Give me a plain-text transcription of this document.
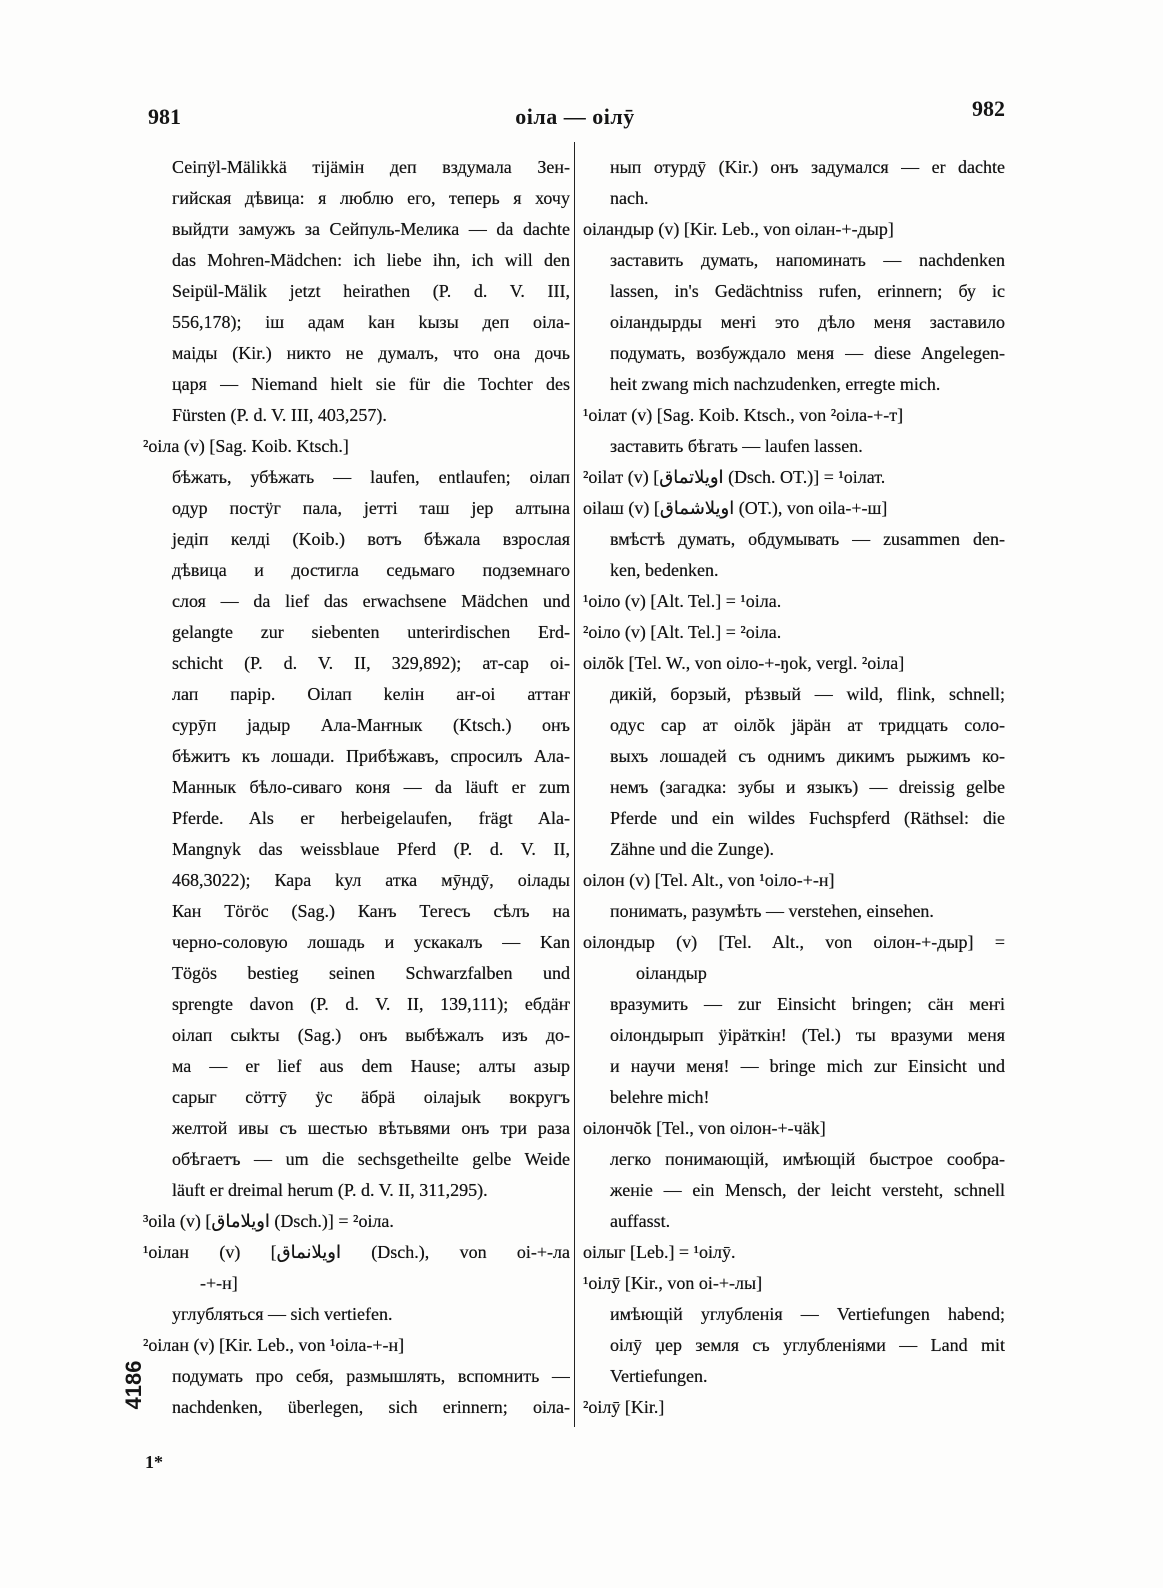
981	оiла — оiлӯ	982
Сеiпӱl-Mälikkä тiјäмiн деп вздумала Зен-
гийская дѣвица: я люблю его, теперь я хочу
выйдти замужъ за Сейпуль-Мелика — da dachte
das Mohren-Mädchen: ich liebe ihn, ich will den
Seipül-Mälik jetzt heirathen (P. d. V. III,
556,178); iш адам kан kызы деп оiла-
маiды (Kir.) никто не думалъ, что она дочь
царя — Niemand hielt sie für die Tochter des
Fürsten (P. d. V. III, 403,257).
²оiла (v) [Sag. Koib. Ktsch.]
бѣжать, убѣжать — laufen, entlaufen; оiлап
одур постӱг пала, јеттi таш јер алтына
једiп келдi (Koib.) вотъ бѣжала взрослая
дѣвица и достигла седьмаго подземнаго
слоя — da lief das erwachsene Mädchen und
gelangte zur siebenten unterirdischen Erd-
schicht (P. d. V. II, 329,892); ат-сар оi-
лап парiр. Оiлап kелiн аҥ-оi аттаҥ
сурӯп јадыр Ала-Маҥнык (Ktsch.) онъ
бѣжитъ къ лошади. Прибѣжавъ, спросилъ Ала-
Маннык бѣло-сиваго коня — da läuft er zum
Pferde. Als er herbeigelaufen, frägt Ala-
Mangnyk das weissblaue Pferd (P. d. V. II,
468,3022); Кара kул атка мӯндӯ, оiлады
Кан Тöгöс (Sag.) Канъ Тегесъ сѣлъ на
черно-соловую лошадь и ускакалъ — Kan
Tögös bestieg seinen Schwarzfalben und
sprengte davon (P. d. V. II, 139,111); ебдäҥ
оiлап сыkты (Sag.) онъ выбѣжалъ изъ до-
ма — er lief aus dem Hause; алты азыр
сарыг сӧттӯ ӱс äбрä оiлаjыk вокругъ
желтой ивы съ шестью вѣтьвями онъ три раза
обѣгаетъ — um die sechsgetheilte gelbe Weide
läuft er dreimal herum (P. d. V. II, 311,295).
³oila (v) [اویلاماق (Dsch.)] = ²оiла.
¹оiлан (v) [اویلانماق (Dsch.), von оi-+-ла
-+-н]
углубляться — sich vertiefen.
²оiлан (v) [Kir. Leb., von ¹оiла-+-н]
подумать про себя, размышлять, вспомнить —
nachdenken, überlegen, sich erinnern; оiла-
нып отурдӯ (Kir.) онъ задумался — er dachte
nach.
оiландыр (v) [Kir. Leb., von оiлан-+-дыр]
заставить думать, напоминать — nachdenken
lassen, in's Gedächtniss rufen, erinnern; бу iс
оiландырды меҥi это дѣло меня заставило
подумать, возбуждало меня — diese Angelegen-
heit zwang mich nachzudenken, erregte mich.
¹оiлат (v) [Sag. Koib. Ktsch., von ²оiла-+-т]
заставить бѣгать — laufen lassen.
²oilaт (v) [اویلاتماق (Dsch. OT.)] = ¹оiлат.
oilaш (v) [اویلاشماق (OT.), von oila-+-ш]
вмѣстѣ думать, обдумывать — zusammen den-
ken, bedenken.
¹оiло (v) [Alt. Tel.] = ¹оiла.
²оiло (v) [Alt. Tel.] = ²оiла.
оiлŏk [Tel. W., von оiло-+-ŋok, vergl. ²оiла]
дикiй, борзый, рѣзвый — wild, flink, schnell;
одус сар ат оiлŏk јäрäн ат тридцать соло-
выхъ лошадей съ однимъ дикимъ рыжимъ ко-
немъ (загадка: зубы и языкъ) — dreissig gelbe
Pferde und ein wildes Fuchspferd (Räthsel: die
Zähne und die Zunge).
оiлон (v) [Tel. Alt., von ¹оiло-+-н]
понимать, разумѣть — verstehen, einsehen.
оiлондыр (v) [Tel. Alt., von оiлон-+-дыр] =
оiландыр
вразумить — zur Einsicht bringen; сäн меҥi
оiлондырып ӱiрäткiн! (Tel.) ты вразуми меня
и научи меня! — bringe mich zur Einsicht und
belehre mich!
оiлончŏk [Tel., von оiлон-+-чäk]
легко понимающiй, имѣющiй быстрое сообра-
женiе — ein Mensch, der leicht versteht, schnell
auffasst.
оiлыг [Leb.] = ¹оiлӯ.
¹оiлӯ [Kir., von оi-+-лы]
имѣющiй углубленiя — Vertiefungen habend;
оiлӯ џер земля съ углубленiями — Land mit
Vertiefungen.
²оiлӯ [Kir.]
4186
1*
